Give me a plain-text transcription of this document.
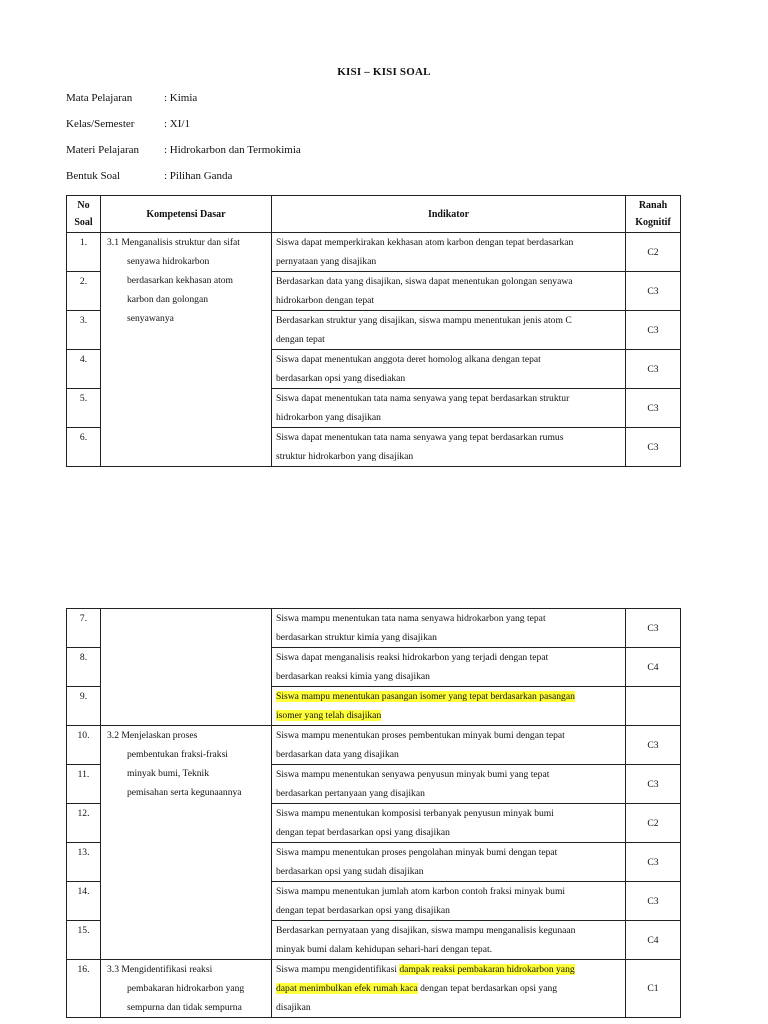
KISI – KISI SOAL
Mata Pelajaran	: Kimia
Kelas/Semester	: XI/1
Materi Pelajaran : Hidrokarbon dan Termokimia
Bentuk Soal	: Pilihan Ganda
No
Soal	Kompetensi Dasar	Indikator	Ranah
Kognitif
1.	3.1 Menganalisis struktur dan sifat
senyawa hidrokarbon
berdasarkan kekhasan atom
karbon dan golongan
senyawanya	Siswa dapat memperkirakan kekhasan atom karbon dengan tepat berdasarkan
pernyataan yang disajikan	C2
2.		Berdasarkan data yang disajikan, siswa dapat menentukan golongan senyawa
hidrokarbon dengan tepat	C3
3.		Berdasarkan struktur yang disajikan, siswa mampu menentukan jenis atom C
dengan tepat	C3
4.		Siswa dapat menentukan anggota deret homolog alkana dengan tepat
berdasarkan opsi yang disediakan	C3
5.		Siswa dapat menentukan tata nama senyawa yang tepat berdasarkan struktur
hidrokarbon yang disajikan	C3
6.		Siswa dapat menentukan tata nama senyawa yang tepat berdasarkan rumus
struktur hidrokarbon yang disajikan	C3
7.		Siswa mampu menentukan tata nama senyawa hidrokarbon yang tepat
berdasarkan struktur kimia yang disajikan	C3
8.		Siswa dapat menganalisis reaksi hidrokarbon yang terjadi dengan tepat
berdasarkan reaksi kimia yang disajikan	C4
9.		Siswa mampu menentukan pasangan isomer yang tepat berdasarkan pasangan
isomer yang telah disajikan	
10.	3.2 Menjelaskan proses
pembentukan fraksi-fraksi
minyak bumi, Teknik
pemisahan serta kegunaannya	Siswa mampu menentukan proses pembentukan minyak bumi dengan tepat
berdasarkan data yang disajikan	C3
11.		Siswa mampu menentukan senyawa penyusun minyak bumi yang tepat
berdasarkan pertanyaan yang disajikan	C3
12.		Siswa mampu menentukan komposisi terbanyak penyusun minyak bumi
dengan tepat berdasarkan opsi yang disajikan	C2
13.		Siswa mampu menentukan proses pengolahan minyak bumi dengan tepat
berdasarkan opsi yang sudah disajikan	C3
14.		Siswa mampu menentukan jumlah atom karbon contoh fraksi minyak bumi
dengan tepat berdasarkan opsi yang disajikan	C3
15.		Berdasarkan pernyataan yang disajikan, siswa mampu menganalisis kegunaan
minyak bumi dalam kehidupan sehari-hari dengan tepat.	C4
16.	3.3 Mengidentifikasi reaksi
pembakaran hidrokarbon yang
sempurna dan tidak sempurna	Siswa mampu mengidentifikasi dampak reaksi pembakaran hidrokarbon yang
dapat menimbulkan efek rumah kaca dengan tepat berdasarkan opsi yang
disajikan	C1
